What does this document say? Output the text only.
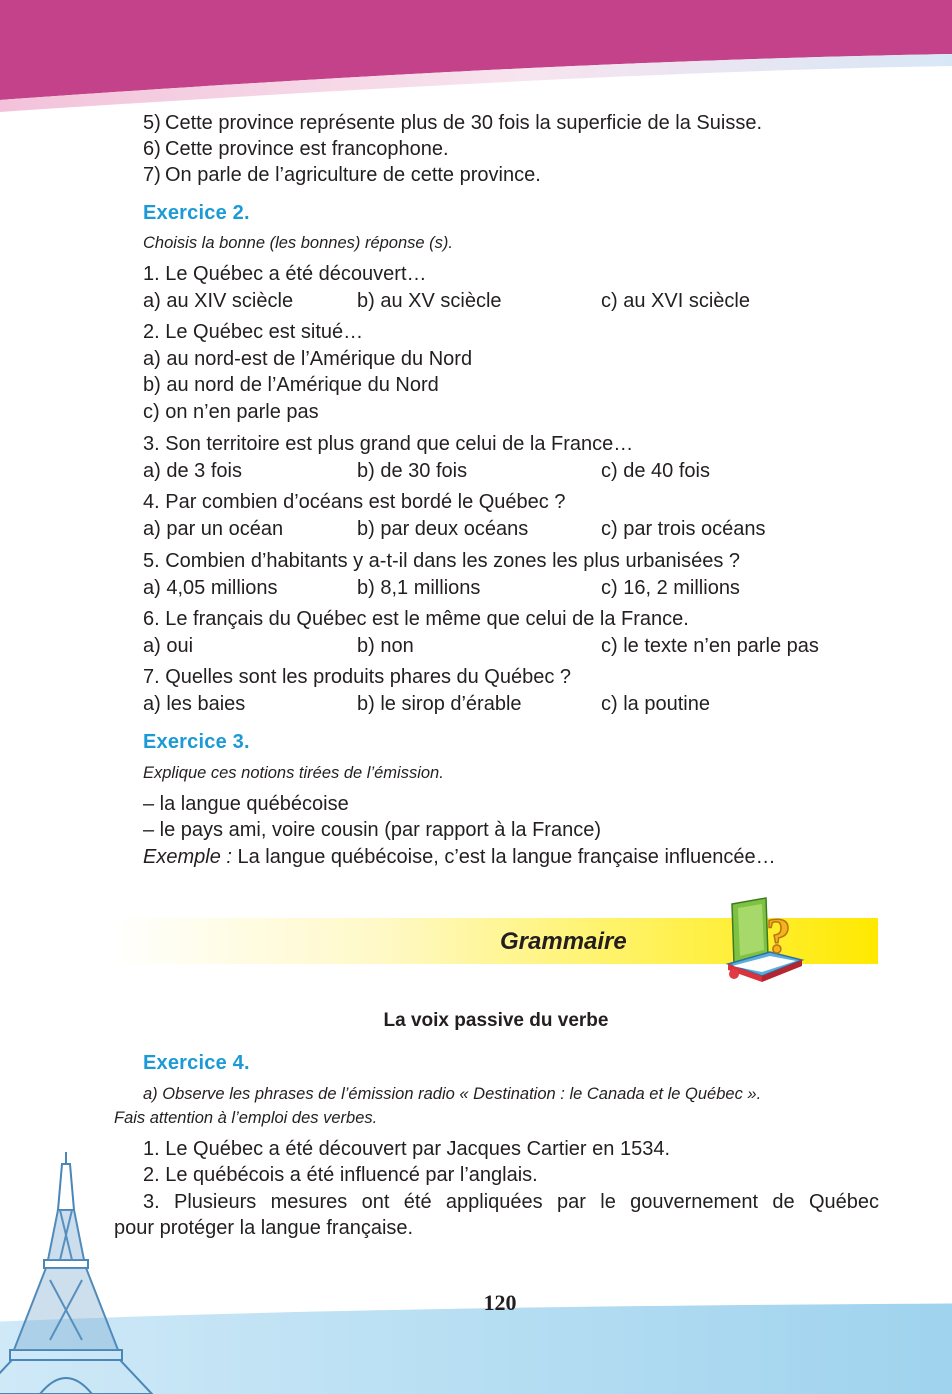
5) Cette province représente plus de 30 fois la superficie de la Suisse.
6) Cette province est francophone.
7) On parle de l’agriculture de cette province.
Exercice 2.
Choisis la bonne (les bonnes) réponse (s).
1. Le Québec a été découvert…
a) au XIV sciècle	b) au XV sciècle	c) au XVI sciècle
2. Le Québec est situé…
a) au nord-est de l’Amérique du Nord
b) au nord de l’Amérique du Nord
c) on n’en parle pas
3. Son territoire est plus grand que celui de la France…
a) de 3 fois	b) de 30 fois	c) de 40 fois
4. Par combien d’océans est bordé le Québec ?
a) par un océan	b) par deux océans	c) par trois océans
5. Combien d’habitants y a-t-il dans les zones les plus urbanisées ?
a) 4,05 millions	b) 8,1 millions	c) 16, 2 millions
6. Le français du Québec est le même que celui de la France.
a) oui	b) non	c) le texte n’en parle pas
7. Quelles sont les produits phares du Québec ?
a) les baies	b) le sirop d’érable	c) la poutine
Exercice 3.
Explique ces notions tirées de l’émission.
– la langue québécoise
– le pays ami, voire cousin (par rapport à la France)
Exemple : La langue québécoise, c’est la langue française influencée…
Grammaire	?
La voix passive du verbe
Exercice 4.
a) Observe les phrases de l’émission radio « Destination : le Canada et le Québec ».
Fais attention à l’emploi des verbes.
1. Le Québec a été découvert par Jacques Cartier en 1534.
2. Le québécois a été influencé par l’anglais.
3. Plusieurs mesures ont été appliquées par le gouvernement de Québec
pour protéger la langue française.
120
